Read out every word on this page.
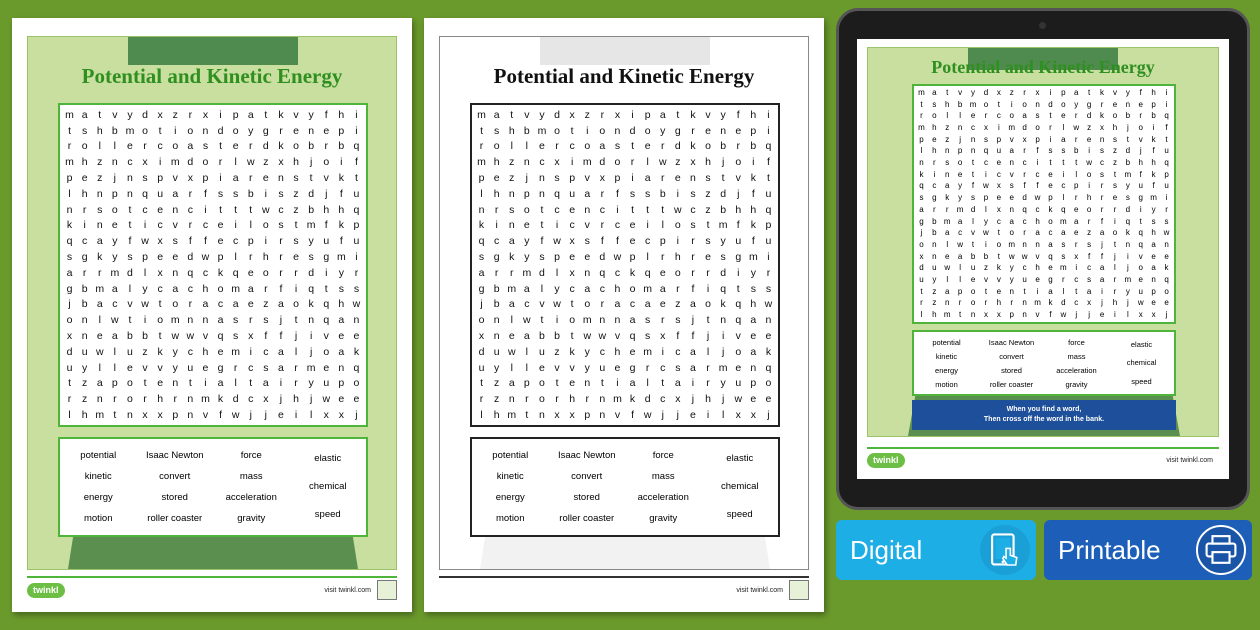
Potential and Kinetic Energy
m a	t	v y d x z	r	x	i	p a	t	k v y	f	h	i
t	s h b m o	t	i	o n d o y g r e n e p	i
r o	l	l	e r	c o a s	t	e r d k o b r b q
m h z n c x	i m d o r	l w z x h	j	o	i	f
p e z	j	n s p v x p	i	a r e n s	t	v k	t
l	h n p n q u a r	f	s s b	i	s z d	j	f	u
n r	s o	t	c e n c	i	t	t	t w c z b h h q
k	i	n e	t	i	c v	r	c e	i	l	o s	t m f	k p
q c a y	f w x s	f	f	e c p	i	r	s y u	f	u
s g k y s p e e d w p	l	r h r e s g m i
a r	r m d	l	x n q c k q e o r	r d	i	y	r
g b m a	l	y c a c h o m a r	f	i	q	t	s s
j	b a c v w t	o r a c a e z a o k q h w
o n	l w t	i	o m n n a s	r	s	j	t	n q a n
x n e a b b	t w w v q s x	f	f	j	i	v e e
d u w l	u z k y c h e m i	c a	l	j	o a k
u y	l	l	e v v y u e g r	c s a r m e n q
t	z a p o	t	e n	t	i	a	l	t	a	i	r	y u p o
r	z n r o r h r n m k d c x	j	h	j w e e
l	h m t	n x x p n v	f w j	j	e	i	l	x x	j
potential
kinetic
energy
motion
Isaac Newton
convert
stored
roller coaster
force
mass
acceleration
gravity
elastic
chemical
speed
twinkl	visit twinkl.com
Potential and Kinetic Energy
m a	t	v y d x z	r	x	i	p a	t	k v y	f	h	i
t	s h b m o	t	i	o n d o y g r e n e p	i
r o	l	l	e r	c o a s	t	e r d k o b r b q
m h z n c x	i m d o r	l w z x h	j	o	i	f
p e z	j	n s p v x p	i	a r e n s	t	v k	t
l	h n p n q u a r	f	s s b	i	s z d	j	f	u
n r	s o	t	c e n c	i	t	t	t w c z b h h q
k	i	n e	t	i	c v	r	c e	i	l	o s	t m f	k p
q c a y	f w x s	f	f	e c p	i	r	s y u	f	u
s g k y s p e e d w p	l	r h r e s g m i
a r	r m d	l	x n q c k q e o r	r d	i	y	r
g b m a	l	y c a c h o m a r	f	i	q	t	s s
j	b a c v w t	o r a c a e z a o k q h w
o n	l w t	i	o m n n a s	r	s	j	t	n q a n
x n e a b b	t w w v q s x	f	f	j	i	v e e
d u w l	u z k y c h e m i	c a	l	j	o a k
u y	l	l	e v v y u e g r	c s a r m e n q
t	z a p o	t	e n	t	i	a	l	t	a	i	r	y u p o
r	z n r o r h r n m k d c x	j	h	j w e e
l	h m t	n x x p n v	f w j	j	e	i	l	x x	j
potential
kinetic
energy
motion
Isaac Newton
convert
stored
roller coaster
force
mass
acceleration
gravity
elastic
chemical
speed
visit twinkl.com
Potential and Kinetic Energy
m a	t	v	y	d	x	z	r	x	i	p	a	t	k	v	y	f	h	i
t	s	h	b m o	t	i	o	n	d	o	y	g	r	e	n	e	p	i
r	o	l	l	e	r	c	o	a	s	t	e	r	d	k	o	b	r	b	q
m h	z	n	c	x	i	m d	o	r	l	w	z	x	h	j	o	i	f
p	e	z	j	n	s	p	v	x	p	i	a	r	e	n	s	t	v	k	t
l	h	n	p	n	q	u	a	r	f	s	s	b	i	s	z	d	j	f	u
n	r	s	o	t	c	e	n	c	i	t	t	t	w	c	z	b	h	h	q
k	i	n	e	t	i	c	v	r	c	e	i	l	o	s	t	m	f	k	p
q	c	a	y	f	w	x	s	f	f	e	c	p	i	r	s	y	u	f	u
s	g	k	y	s	p	e	e	d w p	l	r	h	r	e	s	g m	i
a	r	r	m d	l	x	n	q	c	k	q	e	o	r	r	d	i	y	r
g	b m a	l	y	c	a	c	h	o m a	r	f	i	q	t	s	s
j	b	a	c	v	w	t	o	r	a	c	a	e	z	a	o	k	q	h w
o	n	l	w	t	i	o m n	n	a	s	r	s	j	t	n	q	a	n
x	n	e	a	b	b	t	w w	v	q	s	x	f	f	j	i	v	e	e
d	u w	l	u	z	k	y	c	h	e m	i	c	a	l	j	o	a	k
u	y	l	l	e	v	v	y	u	e	g	r	c	s	a	r	m e	n	q
t	z	a	p	o	t	e	n	t	i	a	l	t	a	i	r	y	u	p	o
r	z	n	r	o	r	h	r	n m k	d	c	x	j	h	j	w e	e
l	h m	t	n	x	x	p	n	v	f	w	j	j	e	i	l	x	x	j
potential
kinetic
energy
motion
Isaac Newton
convert
stored
roller coaster
force
mass
acceleration
gravity
elastic
chemical
speed
When you find a word,
Then cross off the word in the bank.
twinkl	visit twinkl.com
Digital	Printable
